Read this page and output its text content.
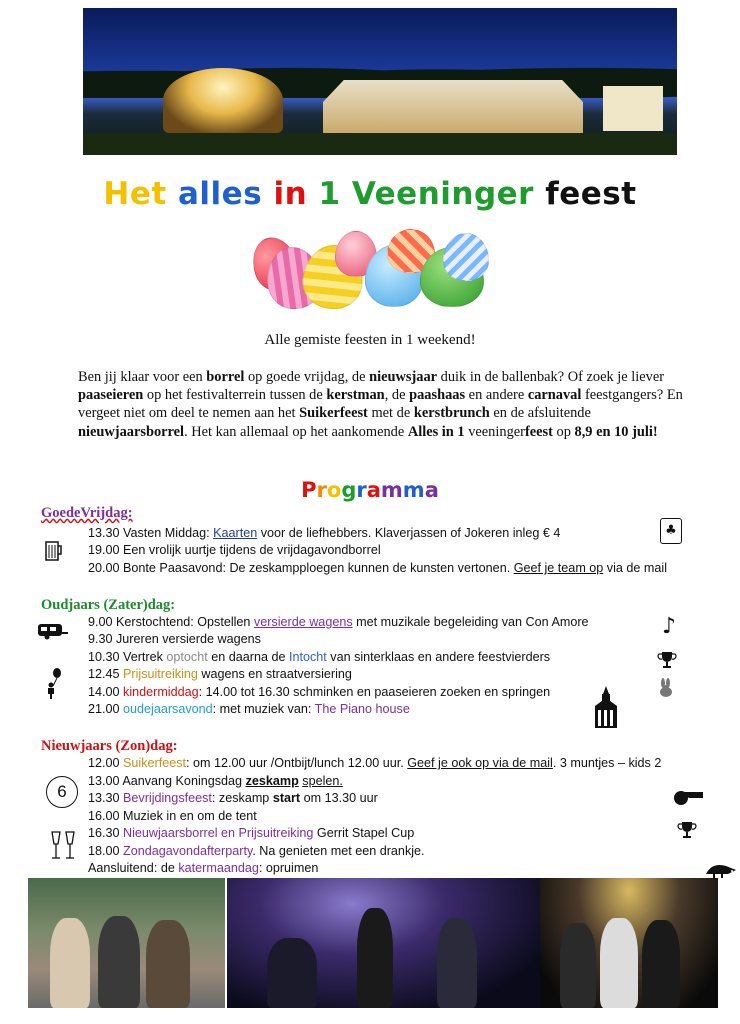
Het alles in 1 Veeninger feest
Alle gemiste feesten in 1 weekend!

Ben jij klaar voor een borrel op goede vrijdag, de nieuwsjaar duik in de ballenbak? Of zoek je liever paaseieren op het festivalterrein tussen de kerstman, de paashaas en andere carnaval feestgangers? En vergeet niet om deel te nemen aan het Suikerfeest met de kerstbrunch en de afsluitende nieuwjaarsborrel. Het kan allemaal op het aankomende Alles in 1 veeningerfeest op 8,9 en 10 juli!

Programma
GoedeVrijdag:
13.30 Vasten Middag: Kaarten voor de liefhebbers. Klaverjassen of Jokeren inleg € 4
19.00 Een vrolijk uurtje tijdens de vrijdagavondborrel
20.00 Bonte Paasavond: De zeskampploegen kunnen de kunsten vertonen. Geef je team op via de mail
Oudjaars (Zater)dag:
9.00 Kerstochtend: Opstellen versierde wagens met muzikale begeleiding van Con Amore
9.30 Jureren versierde wagens
10.30 Vertrek optocht en daarna de Intocht van sinterklaas en andere feestvierders
12.45 Prijsuitreiking wagens en straatversiering
14.00 kindermiddag: 14.00 tot 16.30 schminken en paaseieren zoeken en springen
21.00 oudejaarsavond: met muziek van: The Piano house
Nieuwjaars (Zon)dag:
12.00 Suikerfeest: om 12.00 uur /Ontbijt/lunch 12.00 uur. Geef je ook op via de mail. 3 muntjes – kids 2
13.00 Aanvang Koningsdag zeskamp spelen.
13.30 Bevrijdingsfeest: zeskamp start om 13.30 uur
16.00 Muziek in en om de tent
16.30 Nieuwjaarsborrel en Prijsuitreiking Gerrit Stapel Cup
18.00 Zondagavondafterparty. Na genieten met een drankje.
Aansluitend: de katermaandag: opruimen
♣
♪
6
